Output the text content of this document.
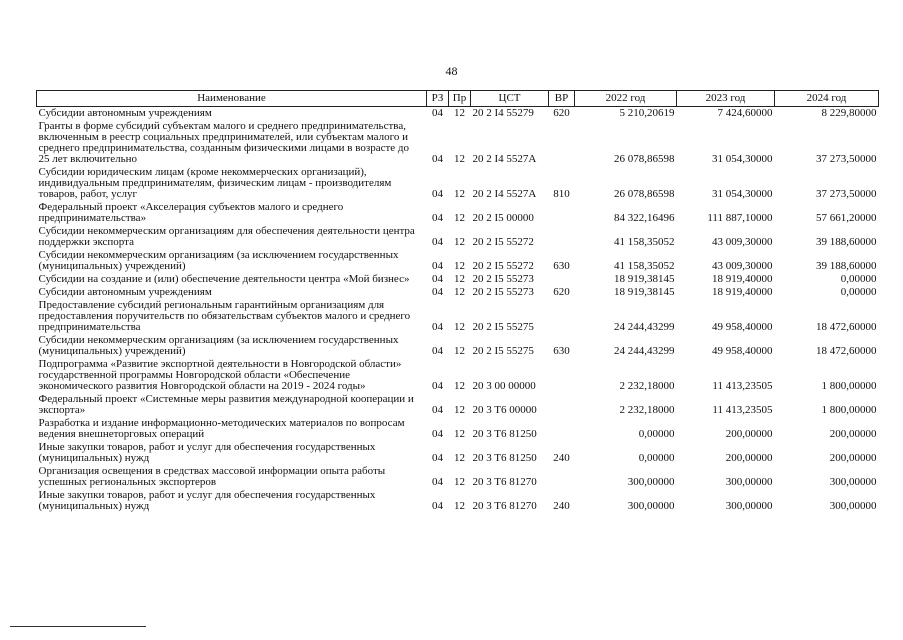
48
Наименование	РЗ	Пр	ЦСТ	ВР	2022 год	2023 год	2024 год
Субсидии автономным учреждениям	04	12	20 2 I4 55279	620	5 210,20619	7 424,60000	8 229,80000
Гранты в форме субсидий субъектам малого и среднего предпринимательства, включенным в реестр социальных предпринимателей, или субъектам малого и среднего предпринимательства, созданным физическими лицами в возрасте до 25 лет включительно	04	12	20 2 I4 5527А		26 078,86598	31 054,30000	37 273,50000
Субсидии юридическим лицам (кроме некоммерческих организаций), индивидуальным предпринимателям, физическим лицам - производителям товаров, работ, услуг	04	12	20 2 I4 5527А	810	26 078,86598	31 054,30000	37 273,50000
Федеральный проект «Акселерация субъектов малого и среднего предпринимательства»	04	12	20 2 I5 00000		84 322,16496	111 887,10000	57 661,20000
Субсидии некоммерческим организациям для обеспечения деятельности центра поддержки экспорта	04	12	20 2 I5 55272		41 158,35052	43 009,30000	39 188,60000
Субсидии некоммерческим организациям (за исключением государственных (муниципальных) учреждений)	04	12	20 2 I5 55272	630	41 158,35052	43 009,30000	39 188,60000
Субсидии на создание и (или) обеспечение деятельности центра «Мой бизнес»	04	12	20 2 I5 55273		18 919,38145	18 919,40000	0,00000
Субсидии автономным учреждениям	04	12	20 2 I5 55273	620	18 919,38145	18 919,40000	0,00000
Предоставление субсидий региональным гарантийным организациям для предоставления поручительств по обязательствам субъектов малого и среднего предпринимательства	04	12	20 2 I5 55275		24 244,43299	49 958,40000	18 472,60000
Субсидии некоммерческим организациям (за исключением государственных (муниципальных) учреждений)	04	12	20 2 I5 55275	630	24 244,43299	49 958,40000	18 472,60000
Подпрограмма «Развитие экспортной деятельности в Новгородской области» государственной программы Новгородской области «Обеспечение экономического развития Новгородской области на 2019 - 2024 годы»	04	12	20 3 00 00000		2 232,18000	11 413,23505	1 800,00000
Федеральный проект «Системные меры развития международной кооперации и экспорта»	04	12	20 3 T6 00000		2 232,18000	11 413,23505	1 800,00000
Разработка и издание информационно-методических материалов по вопросам ведения внешнеторговых операций	04	12	20 3 T6 81250		0,00000	200,00000	200,00000
Иные закупки товаров, работ и услуг для обеспечения государственных (муниципальных) нужд	04	12	20 3 T6 81250	240	0,00000	200,00000	200,00000
Организация освещения в средствах массовой информации опыта работы успешных региональных экспортеров	04	12	20 3 T6 81270		300,00000	300,00000	300,00000
Иные закупки товаров, работ и услуг для обеспечения государственных (муниципальных) нужд	04	12	20 3 T6 81270	240	300,00000	300,00000	300,00000
